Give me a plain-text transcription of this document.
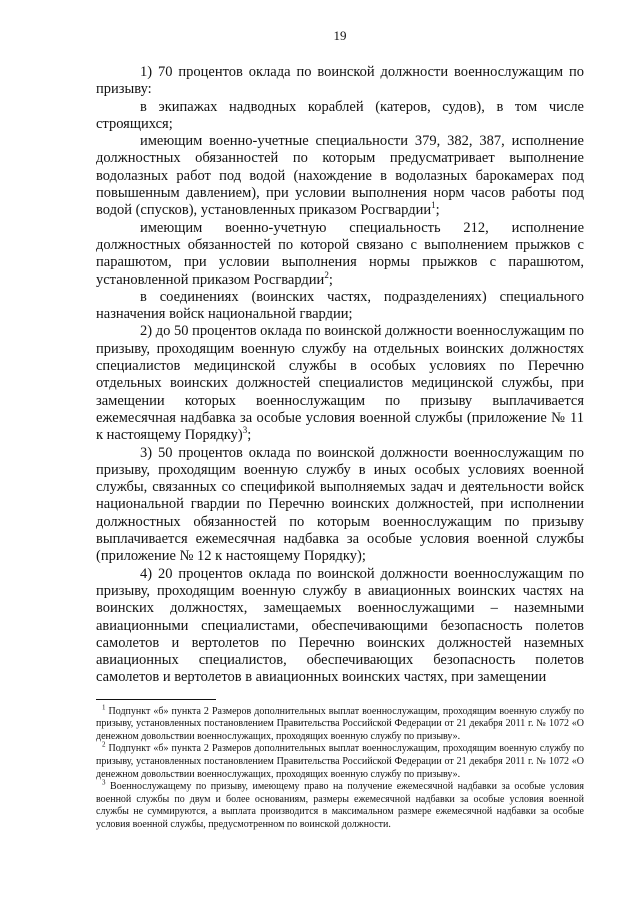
19

1) 70 процентов оклада по воинской должности военнослужащим по призыву:

в экипажах надводных кораблей (катеров, судов), в том числе строящихся;

имеющим военно-учетные специальности 379, 382, 387, исполнение должностных обязанностей по которым предусматривает выполнение водолазных работ под водой (нахождение в водолазных барокамерах под повышенным давлением), при условии выполнения норм часов работы под водой (спусков), установленных приказом Росгвардии$^1$;

имеющим военно-учетную специальность 212, исполнение должностных обязанностей по которой связано с выполнением прыжков с парашютом, при условии выполнения нормы прыжков с парашютом, установленной приказом Росгвардии$^2$;

в соединениях (воинских частях, подразделениях) специального назначения войск национальной гвардии;

2) до 50 процентов оклада по воинской должности военнослужащим по призыву, проходящим военную службу на отдельных воинских должностях специалистов медицинской службы в особых условиях по Перечню отдельных воинских должностей специалистов медицинской службы, при замещении которых военнослужащим по призыву выплачивается ежемесячная надбавка за особые условия военной службы (приложение № 11 к настоящему Порядку)$^3$;

3) 50 процентов оклада по воинской должности военнослужащим по призыву, проходящим военную службу в иных особых условиях военной службы, связанных со спецификой выполняемых задач и деятельности войск национальной гвардии по Перечню воинских должностей, при исполнении должностных обязанностей по которым военнослужащим по призыву выплачивается ежемесячная надбавка за особые условия военной службы (приложение № 12 к настоящему Порядку);

4) 20 процентов оклада по воинской должности военнослужащим по призыву, проходящим военную службу в авиационных воинских частях на воинских должностях, замещаемых военнослужащими – наземными авиационными специалистами, обеспечивающими безопасность полетов самолетов и вертолетов по Перечню воинских должностей наземных авиационных специалистов, обеспечивающих безопасность полетов самолетов и вертолетов в авиационных воинских частях, при замещении

$^1$ Подпункт «б» пункта 2 Размеров дополнительных выплат военнослужащим, проходящим военную службу по призыву, установленных постановлением Правительства Российской Федерации от 21 декабря 2011 г. № 1072 «О денежном довольствии военнослужащих, проходящих военную службу по призыву».

$^2$ Подпункт «б» пункта 2 Размеров дополнительных выплат военнослужащим, проходящим военную службу по призыву, установленных постановлением Правительства Российской Федерации от 21 декабря 2011 г. № 1072 «О денежном довольствии военнослужащих, проходящих военную службу по призыву».

$^3$ Военнослужащему по призыву, имеющему право на получение ежемесячной надбавки за особые условия военной службы по двум и более основаниям, размеры ежемесячной надбавки за особые условия военной службы не суммируются, а выплата производится в максимальном размере ежемесячной надбавки за особые условия военной службы, предусмотренном по воинской должности.
